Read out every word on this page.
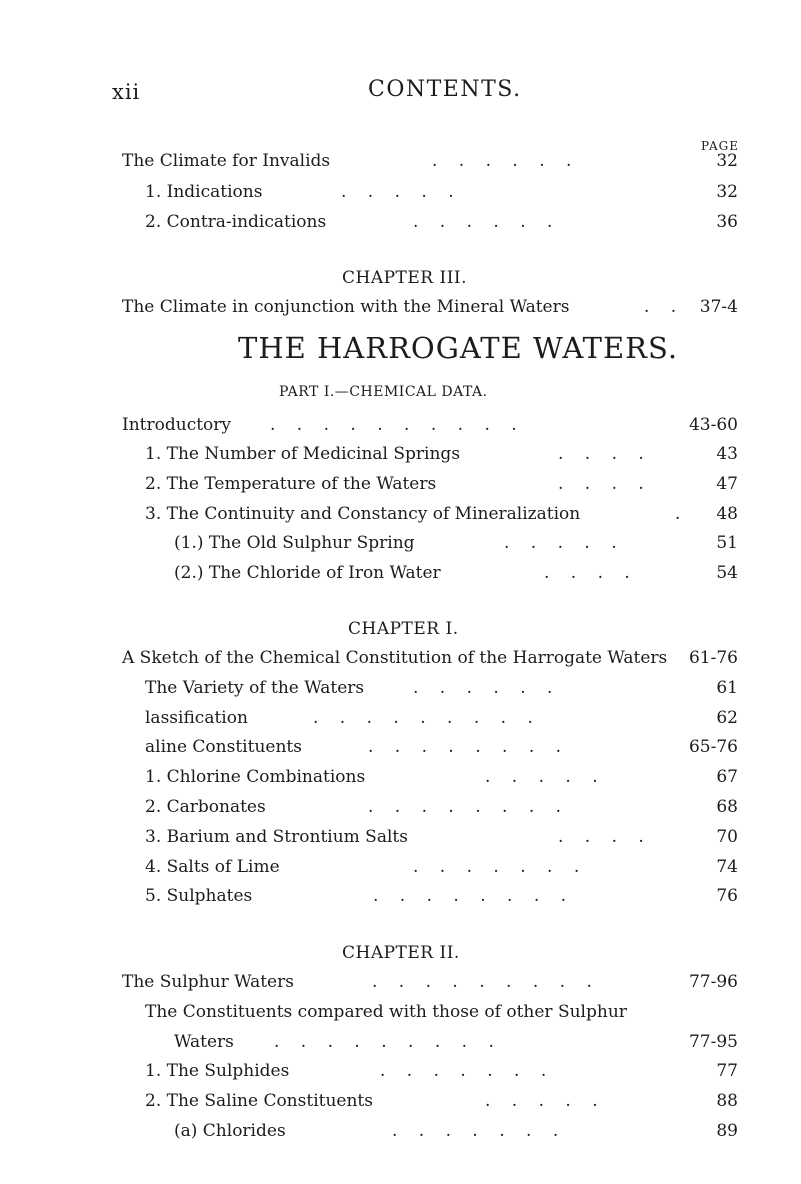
xii	CONTENTS.
PAGE
The Climate for Invalids	. . . . . .	32
1. Indications	. . . . .	32
2. Contra-indications	. . . . . .	36
CHAPTER III.
The Climate in conjunction with the Mineral Waters	. . 37-4
THE HARROGATE WATERS.
PART I.—CHEMICAL DATA.
Introductory . . . . . . . . . .	43-60
1. The Number of Medicinal Springs	. . . .	43
2. The Temperature of the Waters	. . . .	47
3. The Continuity and Constancy of Mineralization	. 48
(1.) The Old Sulphur Spring	. . . . .	51
(2.) The Chloride of Iron Water	. . . .	54
CHAPTER I.
A Sketch of the Chemical Constitution of the Harrogate Waters 61-76
The Variety of the Waters	. . . . . .	61
lassification	. . . . . . . . .	62
aline Constituents	. . . . . . . .	65-76
1. Chlorine Combinations	. . . . .	67
2. Carbonates	. . . . . . . .	68
3. Barium and Strontium Salts	. . . .	70
4. Salts of Lime	. . . . . . .	74
5. Sulphates	. . . . . . . .	76
CHAPTER II.
The Sulphur Waters	. . . . . . . . .	77-96
The Constituents compared with those of other Sulphur
Waters . . . . . . . . .	77-95
1. The Sulphides	. . . . . . .	77
2. The Saline Constituents	. . . . .	88
(a) Chlorides	. . . . . . .	89
